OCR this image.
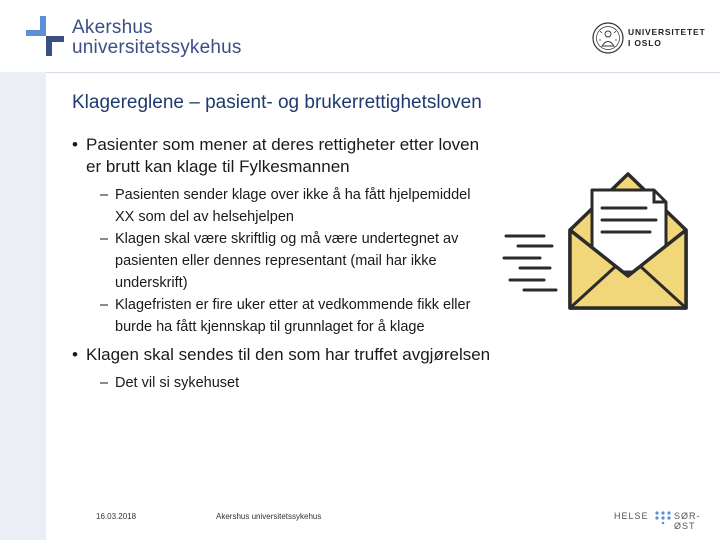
Akershus
universitetssykehus
UNIVERSITETET
I OSLO
Klagereglene – pasient- og brukerrettighetsloven
• Pasienter som mener at deres rettigheter etter loven er brutt kan klage til Fylkesmannen
– Pasienten sender klage over ikke å ha fått hjelpemiddel XX som del av helsehjelpen
– Klagen skal være skriftlig og må være undertegnet av pasienten eller dennes representant (mail har ikke underskrift)
– Klagefristen er fire uker etter at vedkommende fikk eller burde ha fått kjennskap til grunnlaget for å klage
• Klagen skal sendes til den som har truffet avgjørelsen
– Det vil si sykehuset
16.03.2018	Akershus universitetssykehus	HELSE	SØR-ØST
